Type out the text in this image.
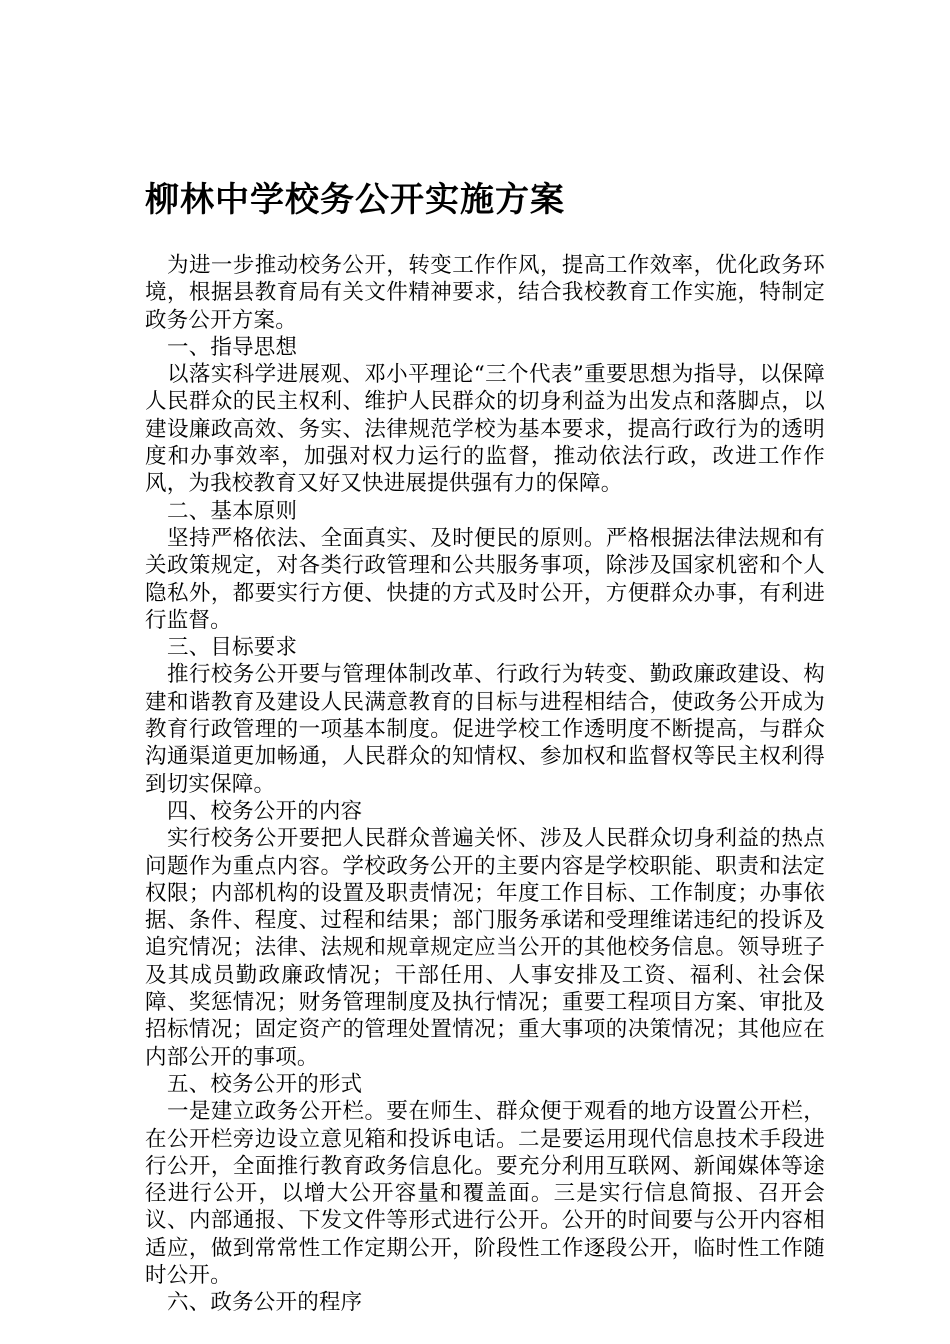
柳林中学校务公开实施方案

为进一步推动校务公开，转变工作作风，提高工作效率，优化政务环境，根据县教育局有关文件精神要求，结合我校教育工作实施，特制定政务公开方案。

一、指导思想

以落实科学进展观、邓小平理论“三个代表”重要思想为指导，以保障人民群众的民主权利、维护人民群众的切身利益为出发点和落脚点，以建设廉政高效、务实、法律规范学校为基本要求，提高行政行为的透明度和办事效率，加强对权力运行的监督，推动依法行政，改进工作作风，为我校教育又好又快进展提供强有力的保障。

二、基本原则

坚持严格依法、全面真实、及时便民的原则。严格根据法律法规和有关政策规定，对各类行政管理和公共服务事项，除涉及国家机密和个人隐私外，都要实行方便、快捷的方式及时公开，方便群众办事，有利进行监督。

三、目标要求

推行校务公开要与管理体制改革、行政行为转变、勤政廉政建设、构建和谐教育及建设人民满意教育的目标与进程相结合，使政务公开成为教育行政管理的一项基本制度。促进学校工作透明度不断提高，与群众沟通渠道更加畅通，人民群众的知情权、参加权和监督权等民主权利得到切实保障。

四、校务公开的内容

实行校务公开要把人民群众普遍关怀、涉及人民群众切身利益的热点问题作为重点内容。学校政务公开的主要内容是学校职能、职责和法定权限；内部机构的设置及职责情况；年度工作目标、工作制度；办事依据、条件、程度、过程和结果；部门服务承诺和受理维诺违纪的投诉及追究情况；法律、法规和规章规定应当公开的其他校务信息。领导班子及其成员勤政廉政情况；干部任用、人事安排及工资、福利、社会保障、奖惩情况；财务管理制度及执行情况；重要工程项目方案、审批及招标情况；固定资产的管理处置情况；重大事项的决策情况；其他应在内部公开的事项。

五、校务公开的形式

一是建立政务公开栏。要在师生、群众便于观看的地方设置公开栏，在公开栏旁边设立意见箱和投诉电话。二是要运用现代信息技术手段进行公开，全面推行教育政务信息化。要充分利用互联网、新闻媒体等途径进行公开，以增大公开容量和覆盖面。三是实行信息简报、召开会议、内部通报、下发文件等形式进行公开。公开的时间要与公开内容相适应，做到常常性工作定期公开，阶段性工作逐段公开，临时性工作随时公开。

六、政务公开的程序
